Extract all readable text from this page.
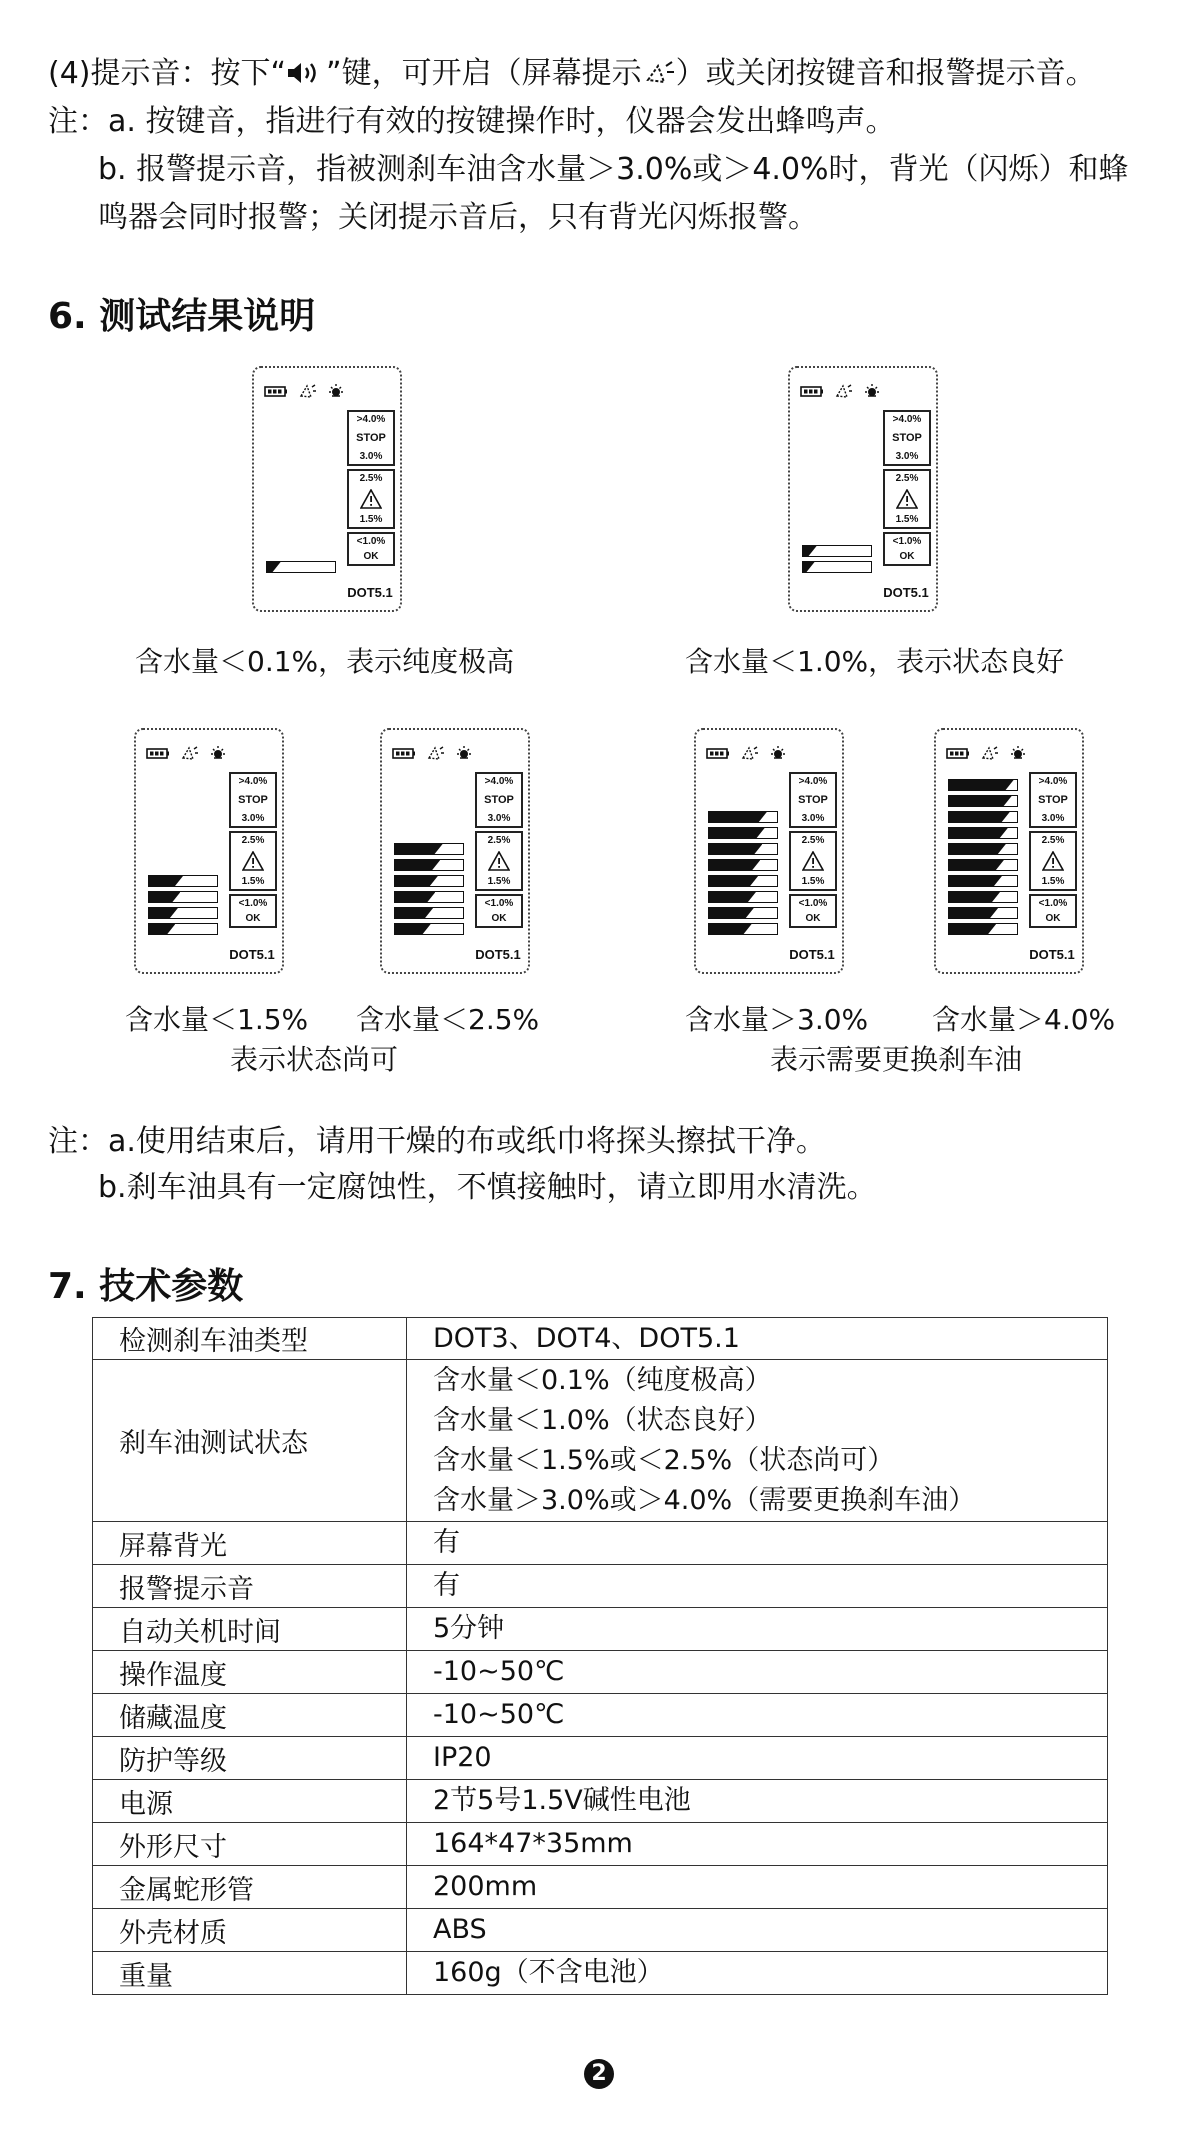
(4)提示音：按下“ ”键，可开启（屏幕提示 ）或关闭按键音和报警提示音。
注：a. 按键音，指进行有效的按键操作时，仪器会发出蜂鸣声。
b. 报警提示音，指被测刹车油含水量＞3.0%或＞4.0%时，背光（闪烁）和蜂
鸣器会同时报警；关闭提示音后，只有背光闪烁报警。
6. 测试结果说明
>4.0%
STOP
3.0%
2.5%
1.5%
<1.0%
OK
DOT5.1
>4.0%
STOP
3.0%
2.5%
1.5%
<1.0%
OK
DOT5.1
>4.0%
STOP
3.0%
2.5%
1.5%
<1.0%
OK
DOT5.1
>4.0%
STOP
3.0%
2.5%
1.5%
<1.0%
OK
DOT5.1
>4.0%
STOP
3.0%
2.5%
1.5%
<1.0%
OK
DOT5.1
>4.0%
STOP
3.0%
2.5%
1.5%
<1.0%
OK
DOT5.1
含水量＜0.1%，表示纯度极高	含水量＜1.0%，表示状态良好
含水量＜1.5% 含水量＜2.5%	含水量＞3.0% 含水量＞4.0%
表示状态尚可	表示需要更换刹车油
注：a.使用结束后，请用干燥的布或纸巾将探头擦拭干净。
b.刹车油具有一定腐蚀性，不慎接触时，请立即用水清洗。
7. 技术参数
检测刹车油类型	DOT3、DOT4、DOT5.1

刹车油测试状态	含水量＜0.1%（纯度极高）
含水量＜1.0%（状态良好）
含水量＜1.5%或＜2.5%（状态尚可）
含水量＞3.0%或＞4.0%（需要更换刹车油）

屏幕背光	有

报警提示音	有

自动关机时间	5分钟

操作温度	-10~50℃

储藏温度	-10~50℃

防护等级	IP20

电源	2节5号1.5V碱性电池

外形尺寸	164*47*35mm

金属蛇形管	200mm

外壳材质	ABS

重量	160g（不含电池）
2
